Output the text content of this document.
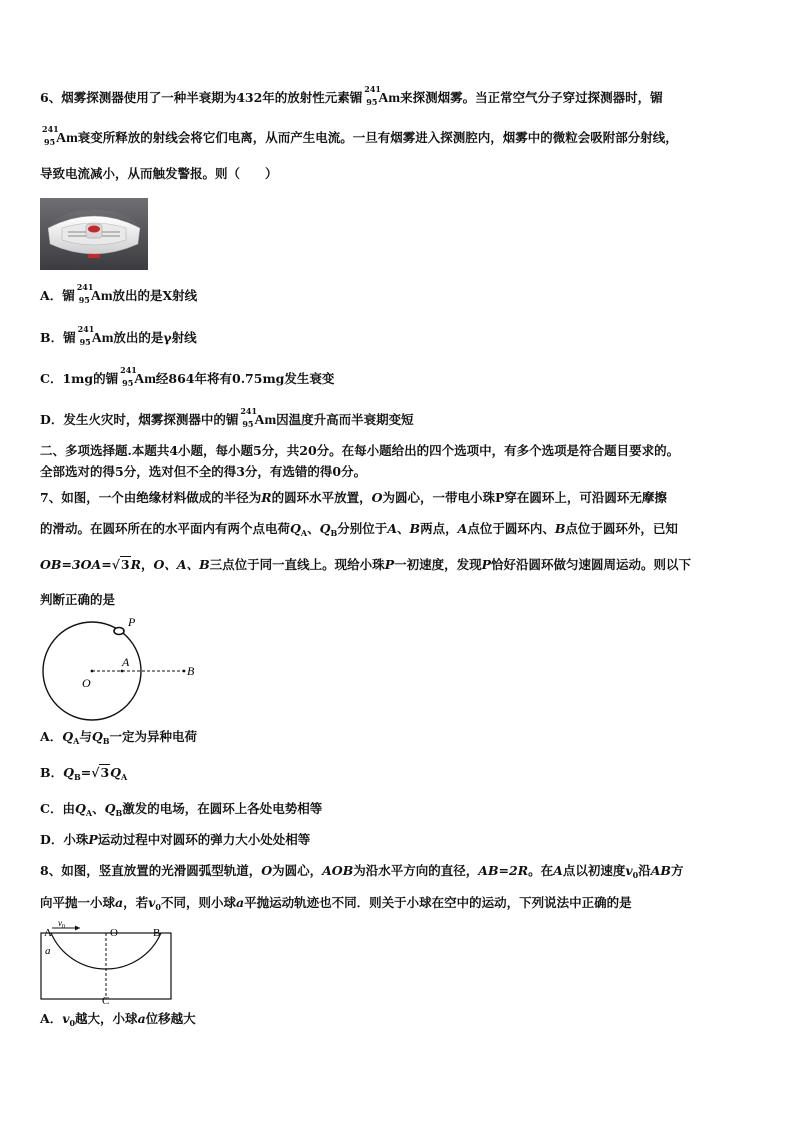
6、烟雾探测器使用了一种半衰期为432年的放射性元素镅
241
95 Am来探测烟雾。当正常空气分子穿过探测器时，镅
241
95 Am衰变所释放的射线会将它们电离，从而产生电流。一旦有烟雾进入探测腔内，烟雾中的微粒会吸附部分射线，
导致电流减小，从而触发警报。则（　　）
A．镅
241
95 Am放出的是X射线
B．镅
241
95 Am放出的是γ射线
C．1mg的镅
241
95 Am经864年将有0.75mg发生衰变
D．发生火灾时，烟雾探测器中的镅
241
95 Am因温度升高而半衰期变短
二、多项选择题.本题共4小题，每小题5分，共20分。在每小题给出的四个选项中，有多个选项是符合题目要求的。
全部选对的得5分，选对但不全的得3分，有选错的得0分。
7、如图，一个由绝缘材料做成的半径为R的圆环水平放置，O为圆心，一带电小珠P穿在圆环上，可沿圆环无摩擦
的滑动。在圆环所在的水平面内有两个点电荷$Q_A$、$Q_B$分别位于A、B两点，A点位于圆环内、B点位于圆环外，已知
OB=3OA=√3R，O、A、B三点位于同一直线上。现给小珠P一初速度，发现P恰好沿圆环做匀速圆周运动。则以下
判断正确的是
P
A
B
O
A．$Q_A$与$Q_B$一定为异种电荷
B．$Q_B=√3Q_A$
C．由$Q_A$、$Q_B$激发的电场，在圆环上各处电势相等
D．小珠P运动过程中对圆环的弹力大小处处相等
8、如图，竖直放置的光滑圆弧型轨道，O为圆心，AOB为沿水平方向的直径，AB=2R。在A点以初速度$v_0$沿AB方
向平抛一小球a，若$v_0$不同，则小球a平抛运动轨迹也不同．则关于小球在空中的运动，下列说法中正确的是
$v_0$
A	O	B
a
C
A．$v_0$越大，小球a位移越大
